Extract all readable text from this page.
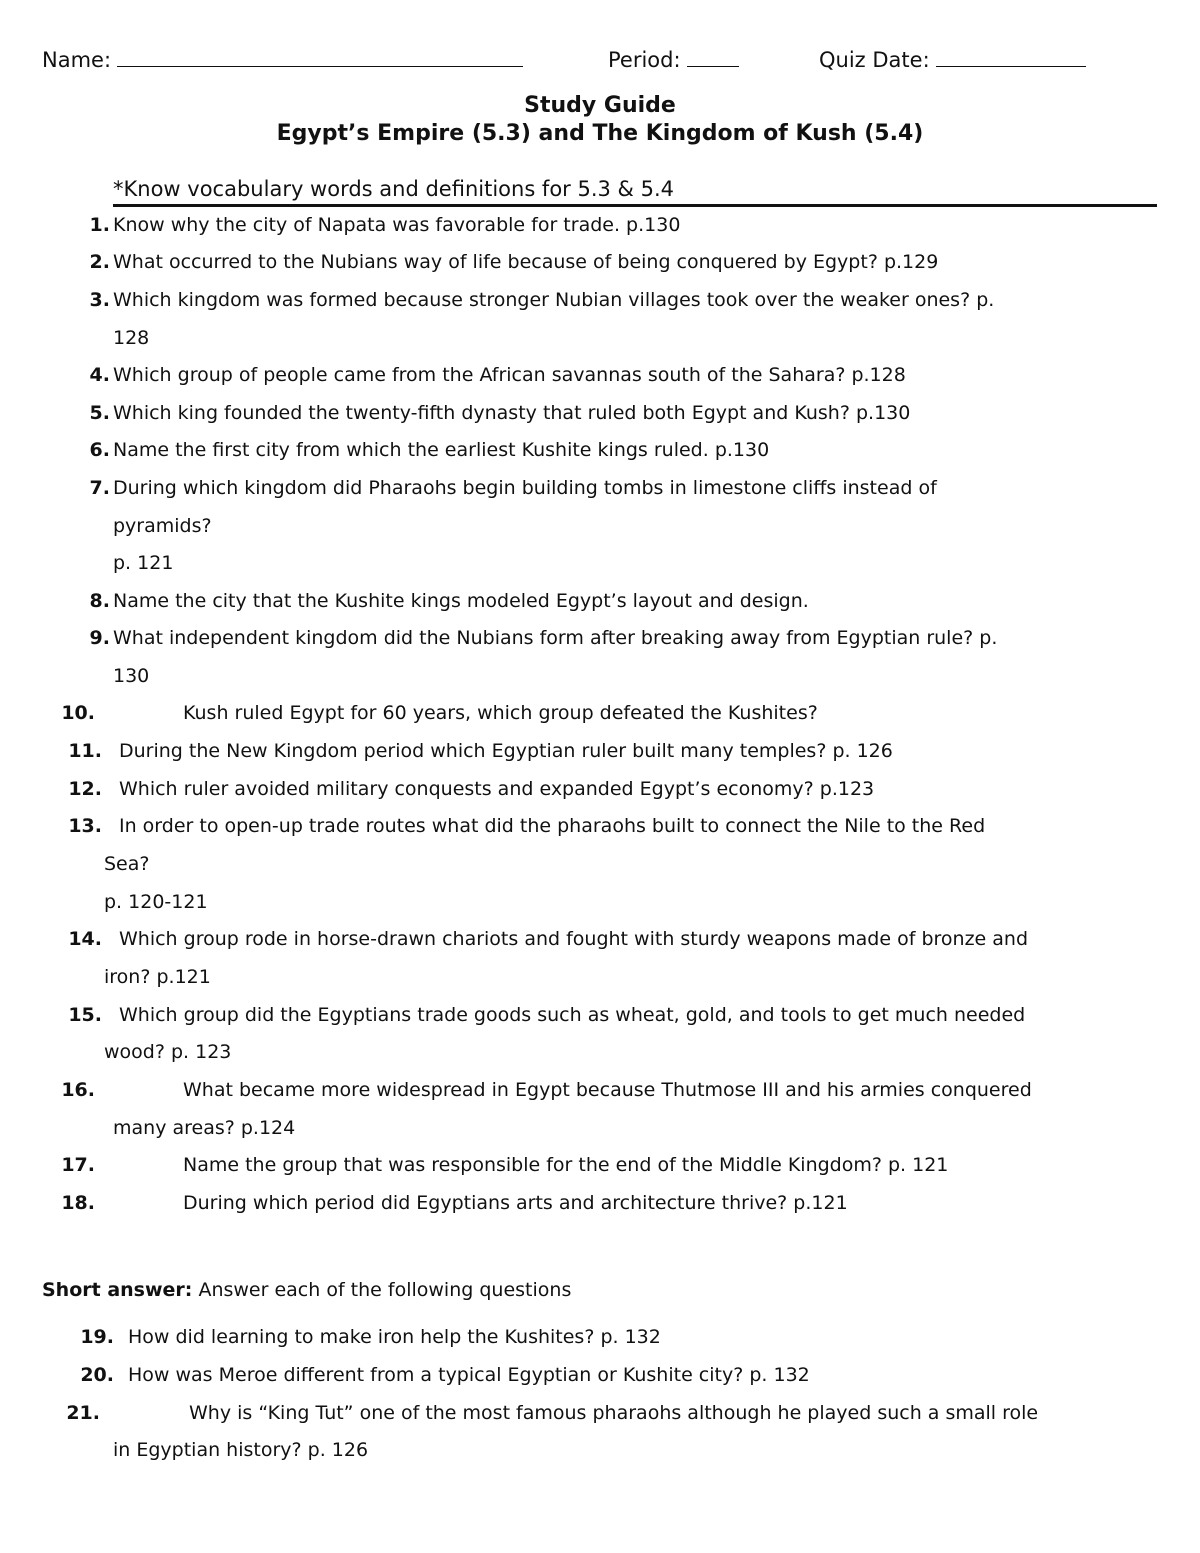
Name:	Period:	Quiz Date:
Study Guide
Egypt’s Empire (5.3) and The Kingdom of Kush (5.4)
*Know vocabulary words and definitions for 5.3 & 5.4
1. Know why the city of Napata was favorable for trade. p.130
2. What occurred to the Nubians way of life because of being conquered by Egypt? p.129
3. Which kingdom was formed because stronger Nubian villages took over the weaker ones? p.
128
4. Which group of people came from the African savannas south of the Sahara? p.128
5. Which king founded the twenty-fifth dynasty that ruled both Egypt and Kush? p.130
6. Name the first city from which the earliest Kushite kings ruled. p.130
7. During which kingdom did Pharaohs begin building tombs in limestone cliffs instead of
pyramids?
p. 121
8. Name the city that the Kushite kings modeled Egypt’s layout and design.
9. What independent kingdom did the Nubians form after breaking away from Egyptian rule? p.
130
10.	Kush ruled Egypt for 60 years, which group defeated the Kushites?
11. During the New Kingdom period which Egyptian ruler built many temples? p. 126
12. Which ruler avoided military conquests and expanded Egypt’s economy? p.123
13. In order to open-up trade routes what did the pharaohs built to connect the Nile to the Red
Sea?
p. 120-121
14. Which group rode in horse-drawn chariots and fought with sturdy weapons made of bronze and
iron? p.121
15. Which group did the Egyptians trade goods such as wheat, gold, and tools to get much needed
wood? p. 123
16.	What became more widespread in Egypt because Thutmose III and his armies conquered
many areas? p.124
17.	Name the group that was responsible for the end of the Middle Kingdom? p. 121
18.	During which period did Egyptians arts and architecture thrive? p.121
Short answer: Answer each of the following questions
19. How did learning to make iron help the Kushites? p. 132
20. How was Meroe different from a typical Egyptian or Kushite city? p. 132
21.	Why is “King Tut” one of the most famous pharaohs although he played such a small role
in Egyptian history? p. 126
